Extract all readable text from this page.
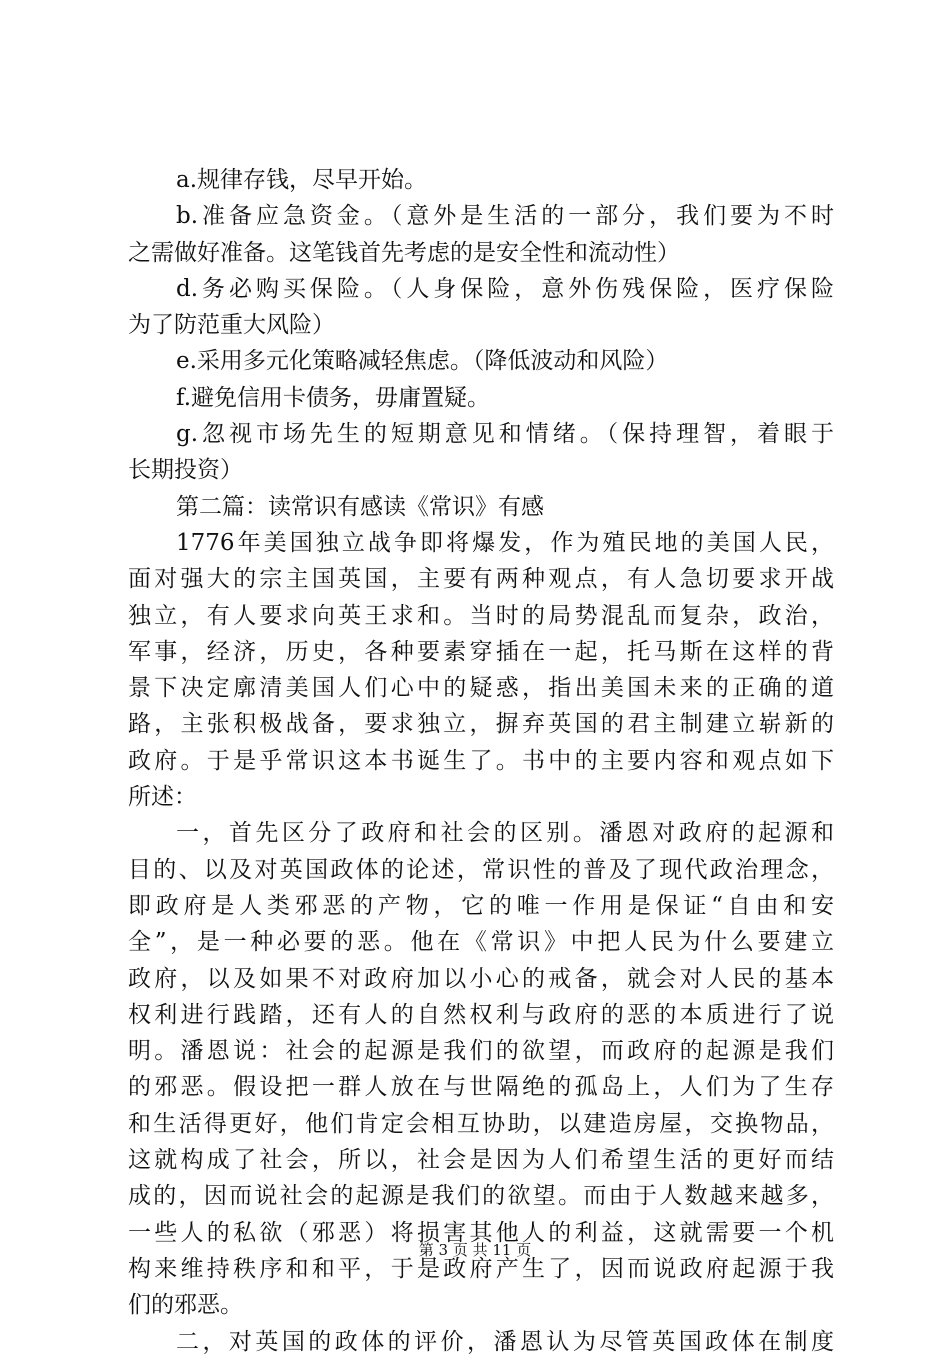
a.规律存钱，尽早开始。
b.准备应急资金。（意外是生活的一部分，我们要为不时
之需做好准备。这笔钱首先考虑的是安全性和流动性）
d.务必购买保险。（人身保险，意外伤残保险，医疗保险
为了防范重大风险）
e.采用多元化策略减轻焦虑。（降低波动和风险）
f.避免信用卡债务，毋庸置疑。
g.忽视市场先生的短期意见和情绪。（保持理智，着眼于
长期投资）
第二篇：读常识有感读《常识》有感
1776年美国独立战争即将爆发，作为殖民地的美国人民，
面对强大的宗主国英国，主要有两种观点，有人急切要求开战
独立，有人要求向英王求和。当时的局势混乱而复杂，政治，
军事，经济，历史，各种要素穿插在一起，托马斯在这样的背
景下决定廓清美国人们心中的疑惑，指出美国未来的正确的道
路，主张积极战备，要求独立，摒弃英国的君主制建立崭新的
政府。于是乎常识这本书诞生了。书中的主要内容和观点如下
所述：
一，首先区分了政府和社会的区别。潘恩对政府的起源和
目的、以及对英国政体的论述，常识性的普及了现代政治理念，
即政府是人类邪恶的产物，它的唯一作用是保证“自由和安
全”，是一种必要的恶。他在《常识》中把人民为什么要建立
政府，以及如果不对政府加以小心的戒备，就会对人民的基本
权利进行践踏，还有人的自然权利与政府的恶的本质进行了说
明。潘恩说：社会的起源是我们的欲望，而政府的起源是我们
的邪恶。假设把一群人放在与世隔绝的孤岛上，人们为了生存
和生活得更好，他们肯定会相互协助，以建造房屋，交换物品，
这就构成了社会，所以，社会是因为人们希望生活的更好而结
成的，因而说社会的起源是我们的欲望。而由于人数越来越多，
一些人的私欲（邪恶）将损害其他人的利益，这就需要一个机
构来维持秩序和和平，于是政府产生了，因而说政府起源于我
们的邪恶。
二，对英国的政体的评价，潘恩认为尽管英国政体在制度
第 3 页 共 11 页
